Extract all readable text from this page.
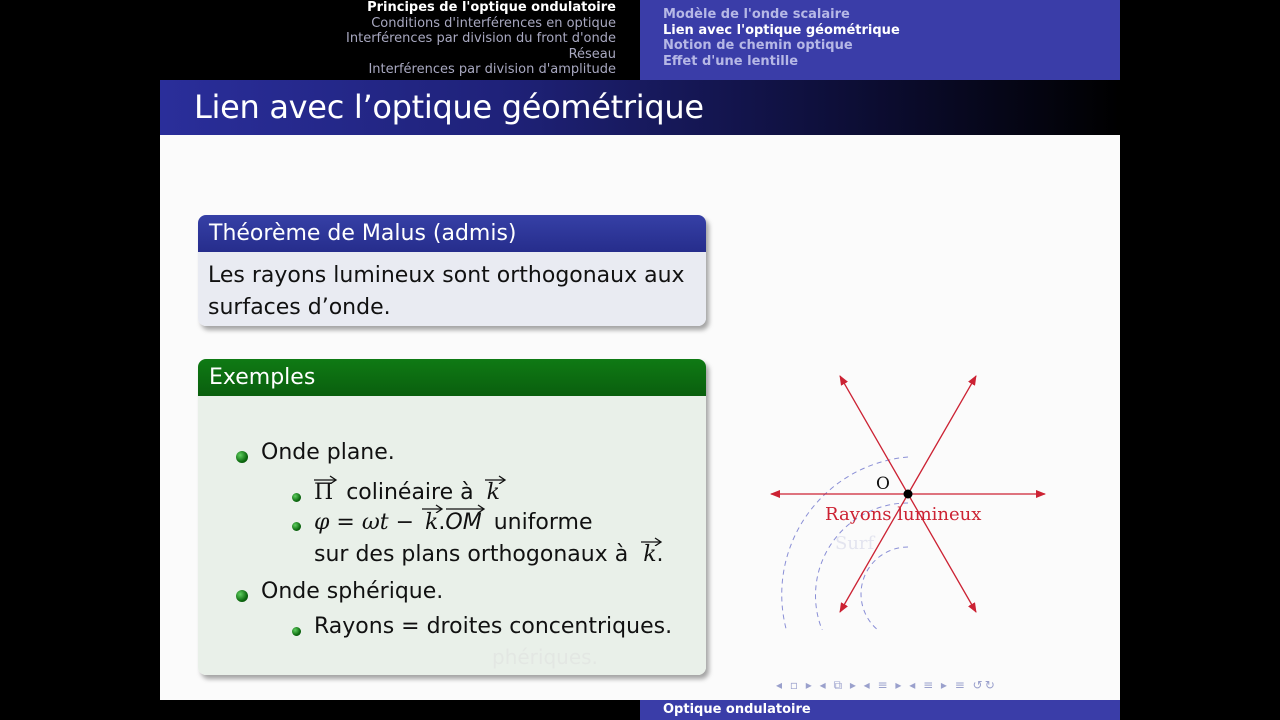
Principes de l'optique ondulatoire
Conditions d'interférences en optique
Interférences par division du front d'onde
Réseau
Interférences par division d'amplitude
Modèle de l'onde scalaire
Lien avec l'optique géométrique
Notion de chemin optique
Effet d'une lentille
Lien avec l’optique géométrique
Théorème de Malus (admis)
Les rayons lumineux sont orthogonaux aux
surfaces d’onde.
Exemples
Onde plane.
Π colinéaire à k
φ = ωt − k.
OM uniforme
sur des plans orthogonaux à k.
Onde sphérique.
Rayons = droites concentriques.
phériques.
O
Rayons lumineux
Surf
◂ ▫ ▸ ◂ ⧉ ▸ ◂ ≡ ▸ ◂ ≡ ▸ ≡ ↺↻
Optique ondulatoire
